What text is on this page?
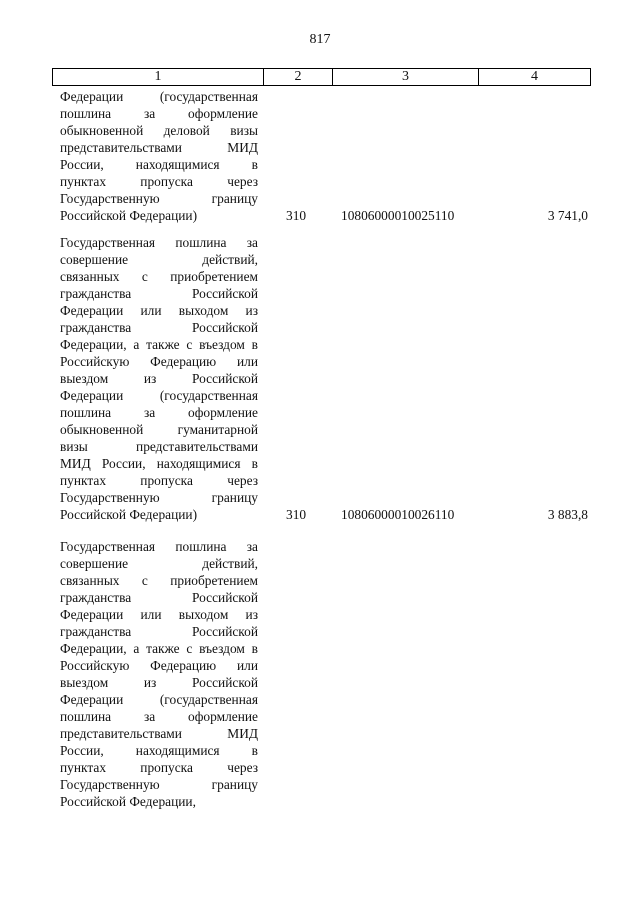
817
1	2	3	4
Федерации (государственная
пошлина за оформление
обыкновенной деловой визы
представительствами МИД
России, находящимися в
пунктах пропуска через
Государственную границу
Российской Федерации)	310	10806000010025110	3 741,0
Государственная пошлина за
совершение действий,
связанных с приобретением
гражданства Российской
Федерации или выходом из
гражданства Российской
Федерации, а также с въездом в
Российскую Федерацию или
выездом из Российской
Федерации (государственная
пошлина за оформление
обыкновенной гуманитарной
визы представительствами
МИД России, находящимися в
пунктах пропуска через
Государственную границу
Российской Федерации)	310	10806000010026110	3 883,8
Государственная пошлина за
совершение действий,
связанных с приобретением
гражданства Российской
Федерации или выходом из
гражданства Российской
Федерации, а также с въездом в
Российскую Федерацию или
выездом из Российской
Федерации (государственная
пошлина за оформление
представительствами МИД
России, находящимися в
пунктах пропуска через
Государственную границу
Российской Федерации,
